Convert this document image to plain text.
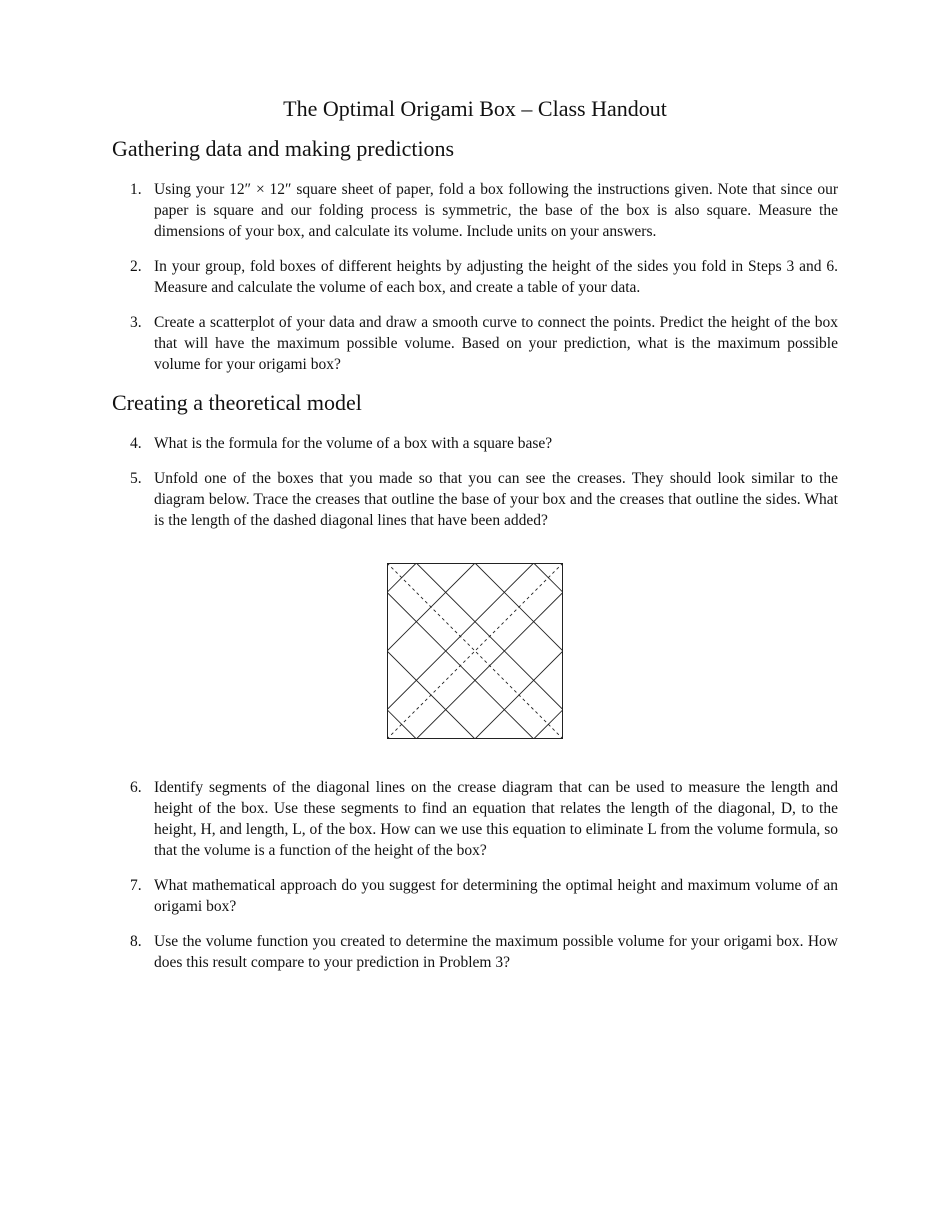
The Optimal Origami Box – Class Handout
Gathering data and making predictions
1. Using your 12″ × 12″ square sheet of paper, fold a box following the instructions given. Note that since our paper is square and our folding process is symmetric, the base of the box is also square. Measure the dimensions of your box, and calculate its volume. Include units on your answers.
2. In your group, fold boxes of different heights by adjusting the height of the sides you fold in Steps 3 and 6. Measure and calculate the volume of each box, and create a table of your data.
3. Create a scatterplot of your data and draw a smooth curve to connect the points. Predict the height of the box that will have the maximum possible volume. Based on your prediction, what is the maximum possible volume for your origami box?
Creating a theoretical model
4. What is the formula for the volume of a box with a square base?
5. Unfold one of the boxes that you made so that you can see the creases. They should look similar to the diagram below. Trace the creases that outline the base of your box and the creases that outline the sides. What is the length of the dashed diagonal lines that have been added?
6. Identify segments of the diagonal lines on the crease diagram that can be used to measure the length and height of the box. Use these segments to find an equation that relates the length of the diagonal, D, to the height, H, and length, L, of the box. How can we use this equation to eliminate L from the volume formula, so that the volume is a function of the height of the box?
7. What mathematical approach do you suggest for determining the optimal height and maximum volume of an origami box?
8. Use the volume function you created to determine the maximum possible volume for your origami box. How does this result compare to your prediction in Problem 3?
